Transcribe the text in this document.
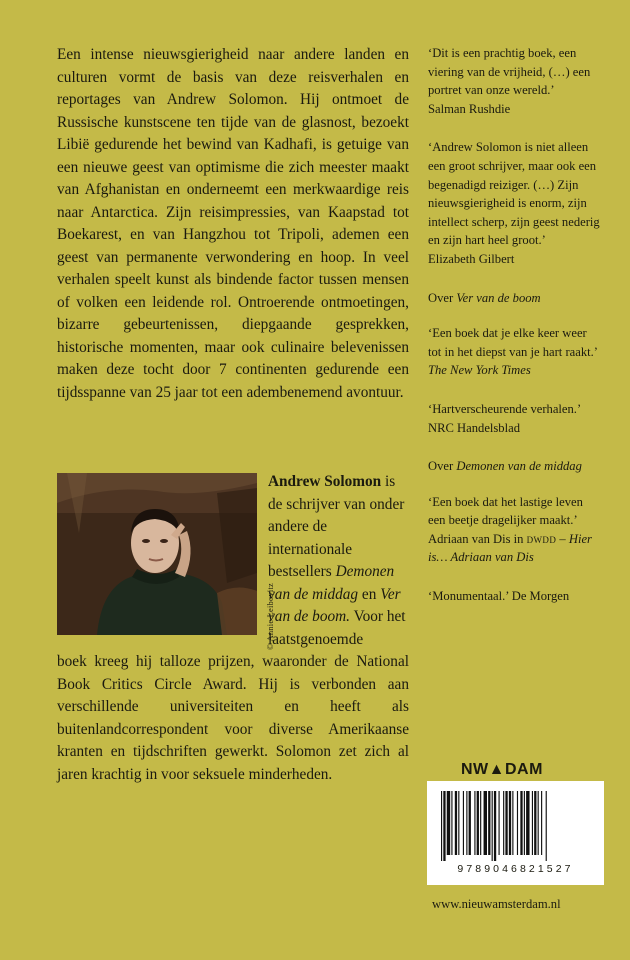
Een intense nieuwsgierigheid naar andere landen en culturen vormt de basis van deze reisverhalen en reportages van Andrew Solomon. Hij ontmoet de Russische kunstscene ten tijde van de glasnost, bezoekt Libië gedurende het bewind van Kadhafi, is getuige van een nieuwe geest van optimisme die zich meester maakt van Afghanistan en onderneemt een merkwaardige reis naar Antarctica. Zijn reisimpressies, van Kaapstad tot Boekarest, en van Hangzhou tot Tripoli, ademen een geest van permanente verwondering en hoop. In veel verhalen speelt kunst als bindende factor tussen mensen of volken een leidende rol. Ontroerende ontmoetingen, bizarre gebeurtenissen, diepgaande gesprekken, historische momenten, maar ook culinaire belevenissen maken deze tocht door 7 continenten gedurende een tijdsspanne van 25 jaar tot een adembenemend avontuur.
© Annie Leibovitz
Andrew Solomon is de schrijver van onder andere de internationale bestsellers Demonen van de middag en Ver van de boom. Voor het laatstgenoemde
boek kreeg hij talloze prijzen, waaronder de National Book Critics Circle Award. Hij is verbonden aan verschillende universiteiten en heeft als buitenlandcorrespondent voor diverse Amerikaanse kranten en tijdschriften gewerkt. Solomon zet zich al jaren krachtig in voor seksuele minderheden.
‘Dit is een prachtig boek, een viering van de vrijheid, (…) een portret van onze wereld.’
Salman Rushdie
‘Andrew Solomon is niet alleen een groot schrijver, maar ook een begenadigd reiziger. (…) Zijn nieuwsgierigheid is enorm, zijn intellect scherp, zijn geest nederig en zijn hart heel groot.’
Elizabeth Gilbert
Over Ver van de boom
‘Een boek dat je elke keer weer tot in het diepst van je hart raakt.’ The New York Times
‘Hartverscheurende verhalen.’
NRC Handelsblad
Over Demonen van de middag
‘Een boek dat het lastige leven een beetje dragelijker maakt.’
Adriaan van Dis in dwdd – Hier is… Adriaan van Dis
‘Monumentaal.’ De Morgen
NW▲DAM
9789046821527
www.nieuwamsterdam.nl
